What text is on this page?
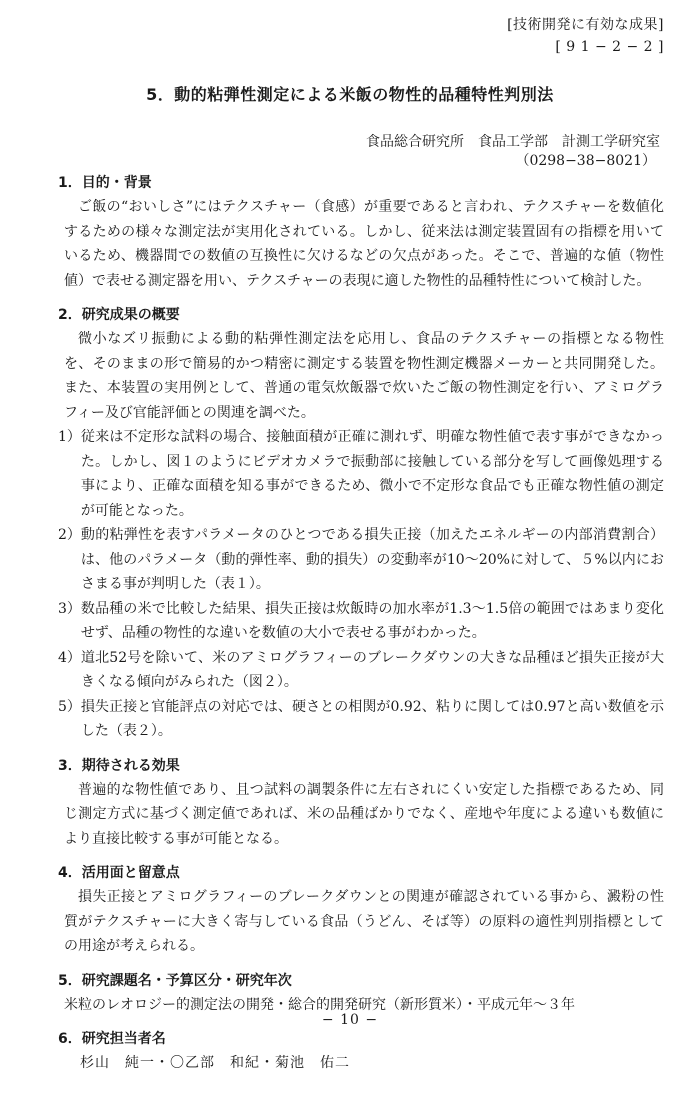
[技術開発に有効な成果]
[ 9 1 − 2 − 2 ]
5．動的粘弾性測定による米飯の物性的品種特性判別法
食品総合研究所　食品工学部　計測工学研究室
（0298−38−8021）

1．目的・背景

ご飯の“おいしさ”にはテクスチャー（食感）が重要であると言われ、テクスチャーを数値化するための様々な測定法が実用化されている。しかし、従来法は測定装置固有の指標を用いているため、機器間での数値の互換性に欠けるなどの欠点があった。そこで、普遍的な値（物性値）で表せる測定器を用い、テクスチャーの表現に適した物性的品種特性について検討した。

2．研究成果の概要

微小なズリ振動による動的粘弾性測定法を応用し、食品のテクスチャーの指標となる物性を、そのままの形で簡易的かつ精密に測定する装置を物性測定機器メーカーと共同開発した。また、本装置の実用例として、普通の電気炊飯器で炊いたご飯の物性測定を行い、アミログラフィー及び官能評価との関連を調べた。

1） 従来は不定形な試料の場合、接触面積が正確に測れず、明確な物性値で表す事ができなかった。しかし、図１のようにビデオカメラで振動部に接触している部分を写して画像処理する事により、正確な面積を知る事ができるため、微小で不定形な食品でも正確な物性値の測定が可能となった。
2） 動的粘弾性を表すパラメータのひとつである損失正接（加えたエネルギーの内部消費割合）は、他のパラメータ（動的弾性率、動的損失）の変動率が10〜20%に対して、５%以内におさまる事が判明した（表１）。
3） 数品種の米で比較した結果、損失正接は炊飯時の加水率が1.3〜1.5倍の範囲ではあまり変化せず、品種の物性的な違いを数値の大小で表せる事がわかった。
4） 道北52号を除いて、米のアミログラフィーのブレークダウンの大きな品種ほど損失正接が大きくなる傾向がみられた（図２）。
5） 損失正接と官能評点の対応では、硬さとの相関が0.92、粘りに関しては0.97と高い数値を示した（表２）。

3．期待される効果

普遍的な物性値であり、且つ試料の調製条件に左右されにくい安定した指標であるため、同じ測定方式に基づく測定値であれば、米の品種ばかりでなく、産地や年度による違いも数値により直接比較する事が可能となる。

4．活用面と留意点

損失正接とアミログラフィーのブレークダウンとの関連が確認されている事から、澱粉の性質がテクスチャーに大きく寄与している食品（うどん、そば等）の原料の適性判別指標としての用途が考えられる。

5．研究課題名・予算区分・研究年次

米粒のレオロジー的測定法の開発・総合的開発研究（新形質米）・平成元年〜３年

6．研究担当者名

杉山　純一・〇乙部　和紀・菊池　佑二

− 10 −
